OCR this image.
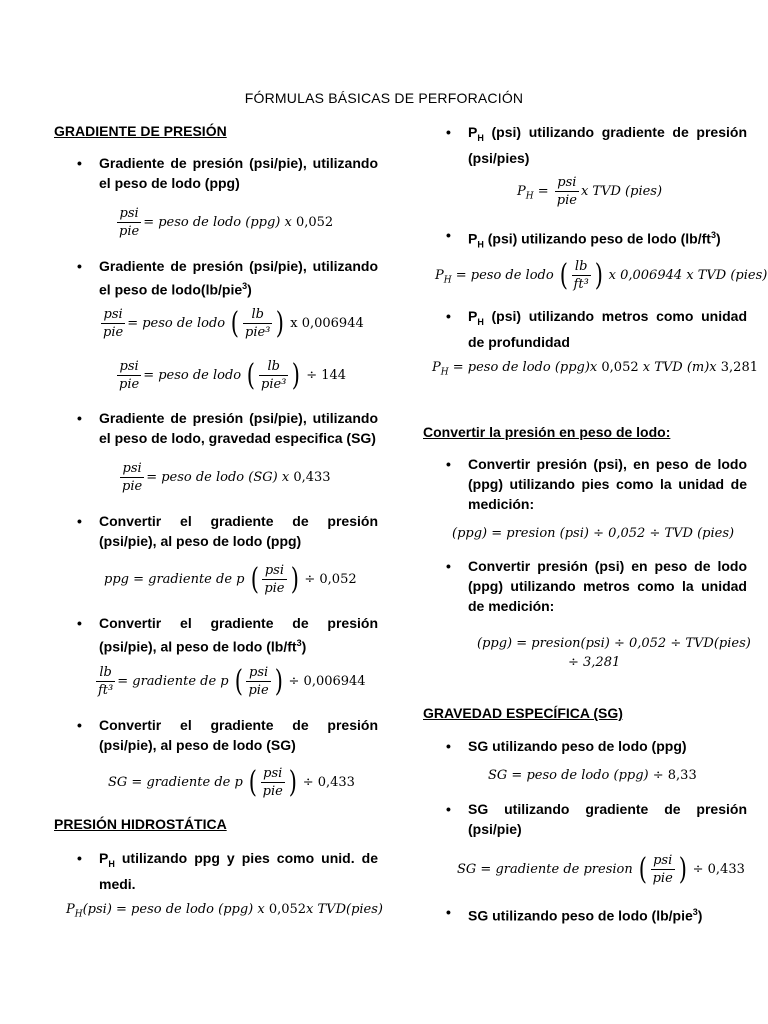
FÓRMULAS BÁSICAS DE PERFORACIÓN
GRADIENTE DE PRESIÓN
• Gradiente de presión (psi/pie), utilizando el peso de lodo (ppg)
$\frac{\text{psi}}{\text{pie}}$ = peso de lodo (ppg) x 0,052
• Gradiente de presión (psi/pie), utilizando el peso de lodo(lb/pie$^3$)
$\frac{\text{psi}}{\text{pie}}$ = peso de lodo ( $\frac{lb}{\text{pie³}}$ ) x 0,006944
$\frac{\text{psi}}{\text{pie}}$ = peso de lodo ( $\frac{lb}{\text{pie³}}$ ) ÷ 144
• Gradiente de presión (psi/pie), utilizando el peso de lodo, gravedad especifica (SG)
$\frac{\text{psi}}{\text{pie}}$ = peso de lodo (SG) x 0,433
• Convertir el gradiente de presión (psi/pie), al peso de lodo (ppg)
ppg = gradiente de p ( $\frac{\text{psi}}{\text{pie}}$ ) ÷ 0,052
• Convertir el gradiente de presión (psi/pie), al peso de lodo $(lb/ft^3)$
$\frac{lb}{\text{ft³}}$ = gradiente de p ( $\frac{\text{psi}}{\text{pie}}$ ) ÷ 0,006944
• Convertir el gradiente de presión (psi/pie), al peso de lodo (SG)
SG = gradiente de p ( $\frac{\text{psi}}{\text{pie}}$ ) ÷ 0,433
PRESIÓN HIDROSTÁTICA
• $P_H$ utilizando ppg y pies como unid. de medi.
$P_H(psi)$ = peso de lodo (ppg) x 0,052x TVD(pies)
• $P_H$ (psi) utilizando gradiente de presión (psi/pies)
$P_H = \frac{\text{psi}}{\text{pie}}$ x TVD (pies)
• $P_H$ (psi) utilizando peso de lodo $(lb/ft^3)$
$P_H$ = peso de lodo ( $\frac{lb}{\text{ft³}}$ ) x 0,006944 x TVD (pies)
• $P_H$ (psi) utilizando metros como unidad de profundidad
$P_H$ = peso de lodo (ppg)x 0,052 x TVD (m)x 3,281
Convertir la presión en peso de lodo:
• Convertir presión (psi), en peso de lodo (ppg) utilizando pies como la unidad de medición:
(ppg) = presion (psi) ÷ 0,052 ÷ TVD (pies)
• Convertir presión (psi) en peso de lodo (ppg) utilizando metros como la unidad de medición:
(ppg) = presion(psi) ÷ 0,052 ÷ TVD(pies)
÷ 3,281
GRAVEDAD ESPECÍFICA (SG)
• SG utilizando peso de lodo (ppg)
SG = peso de lodo (ppg) ÷ 8,33
• SG utilizando gradiente de presión (psi/pie)
SG = gradiente de presion ( $\frac{\text{psi}}{\text{pie}}$ ) ÷ 0,433
• SG utilizando peso de lodo (lb/pie$^3$)
